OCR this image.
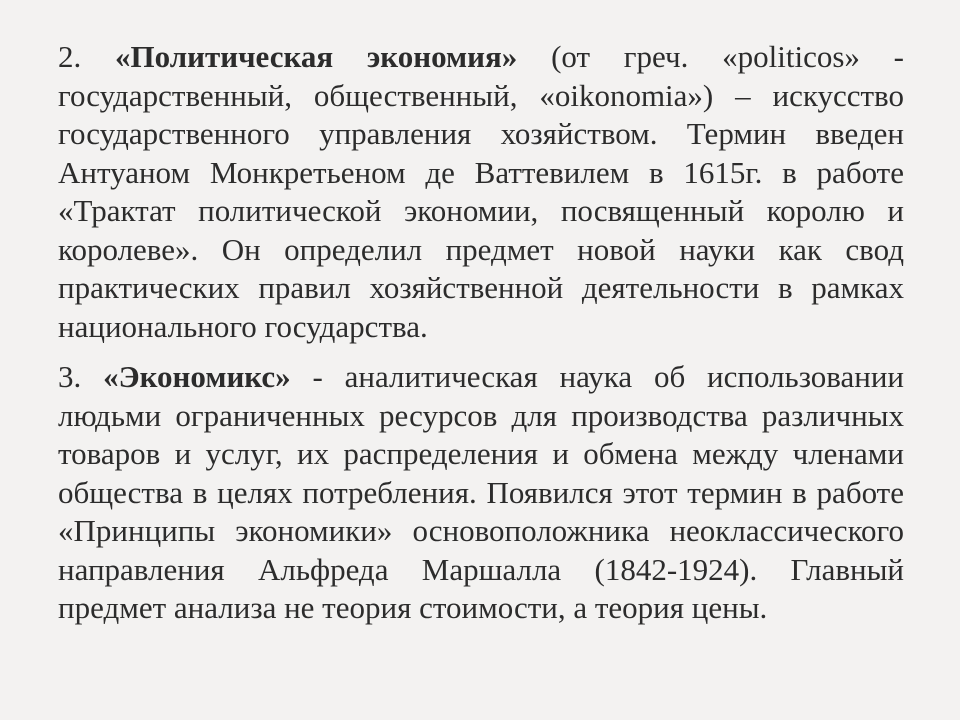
2. «Политическая экономия» (от греч. «politicos» - государственный, общественный, «oikonomia») – искусство государственного управления хозяйством. Термин введен Антуаном Монкретьеном де Ваттевилем в 1615г. в работе «Трактат политической экономии, посвященный королю и королеве». Он определил предмет новой науки как свод практических правил хозяйственной деятельности в рамках национального государства.

3. «Экономикс» - аналитическая наука об использовании людьми ограниченных ресурсов для производства различных товаров и услуг, их распределения и обмена между членами общества в целях потребления. Появился этот термин в работе «Принципы экономики» основоположника неоклассического направления Альфреда Маршалла (1842-1924). Главный предмет анализа не теория стоимости, а теория цены.
